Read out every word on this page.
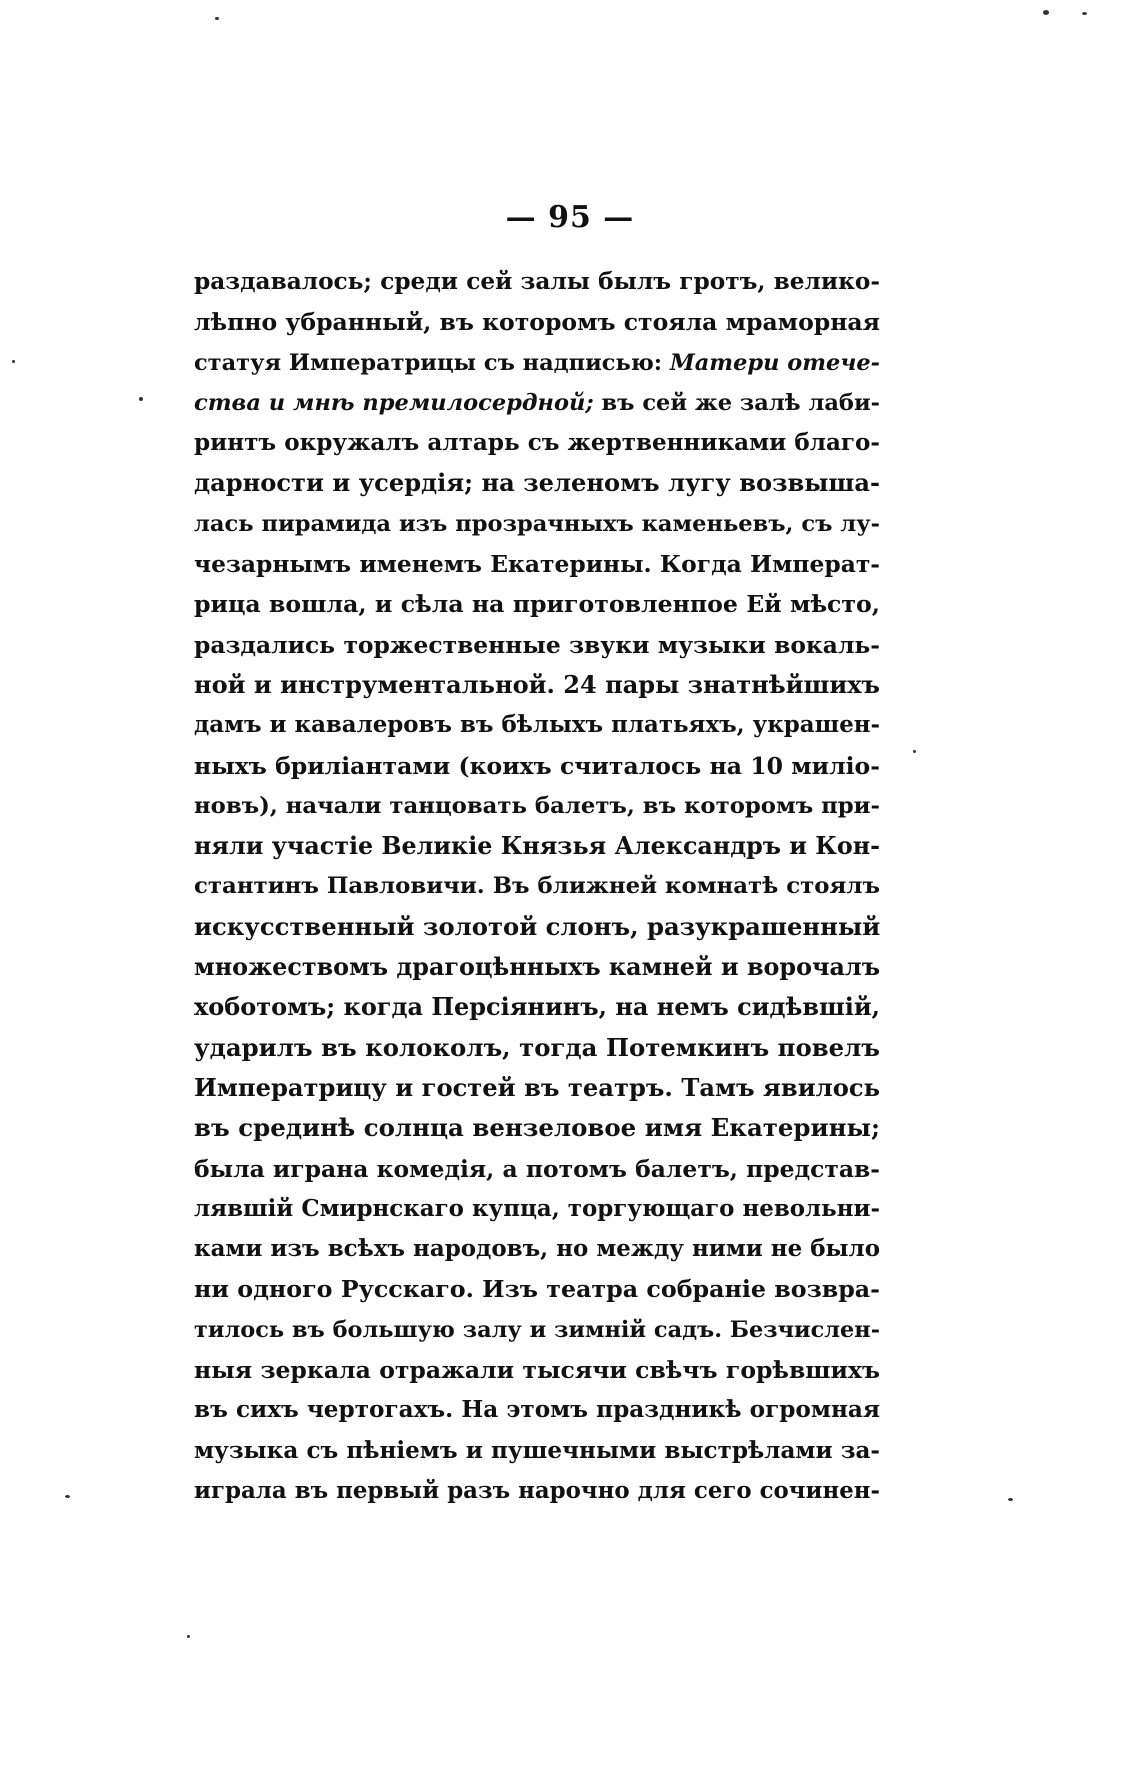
— 95 —
раздавалось; среди сей залы былъ гротъ, велико-
лѣпно убранный, въ которомъ стояла мраморная
статуя Императрицы съ надписью: Матери отече-
ства и мнѣ премилосердной; въ сей же залѣ лаби-
ринтъ окружалъ алтарь съ жертвенниками благо-
дарности и усердія; на зеленомъ лугу возвыша-
лась пирамида изъ прозрачныхъ каменьевъ, съ лу-
чезарнымъ именемъ Екатерины. Когда Императ-
рица вошла, и сѣла на приготовленпое Ей мѣсто,
раздались торжественные звуки музыки вокаль-
ной и инструментальной. 24 пары знатнѣйшихъ
дамъ и кавалеровъ въ бѣлыхъ платьяхъ, украшен-
ныхъ бриліантами (коихъ считалось на 10 миліо-
новъ), начали танцовать балетъ, въ которомъ при-
няли участіе Великіе Князья Александръ и Кон-
стантинъ Павловичи. Въ ближней комнатѣ стоялъ
искусственный золотой слонъ, разукрашенный
множествомъ драгоцѣнныхъ камней и ворочалъ
хоботомъ; когда Персіянинъ, на немъ сидѣвшій,
ударилъ въ колоколъ, тогда Потемкинъ повелъ
Императрицу и гостей въ театръ. Тамъ явилось
въ срединѣ солнца вензеловое имя Екатерины;
была играна комедія, а потомъ балетъ, представ-
лявшій Смирнскаго купца, торгующаго невольни-
ками изъ всѣхъ народовъ, но между ними не было
ни одного Русскаго. Изъ театра собраніе возвра-
тилось въ большую залу и зимній садъ. Безчислен-
ныя зеркала отражали тысячи свѣчъ горѣвшихъ
въ сихъ чертогахъ. На этомъ праздникѣ огромная
музыка съ пѣніемъ и пушечными выстрѣлами за-
играла въ первый разъ нарочно для сего сочинен-
